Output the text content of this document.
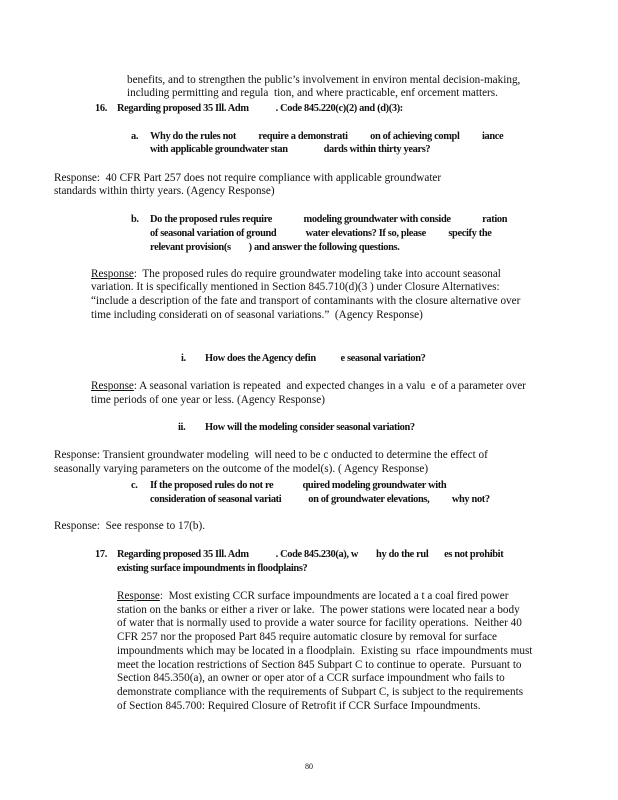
benefits, and to strengthen the public’s involvement in environ mental decision-making,
including permitting and regula  tion, and where practicable, enf orcement matters.
16. Regarding proposed 35 Ill. Adm            . Code 845.220(c)(2) and (d)(3):
a. Why do the rules not          require a demonstrati          on of achieving compl          iance
with applicable groundwater stan                dards within thirty years?
Response:  40 CFR Part 257 does not require compliance with applicable groundwater
standards within thirty years. (Agency Response)
b. Do the proposed rules require              modeling groundwater with conside              ration
of seasonal variation of ground             water elevations? If so, please          specify the
relevant provision(s        ) and answer the following questions.
Response:  The proposed rules do require groundwater modeling take into account seasonal
variation. It is specifically mentioned in Section 845.710(d)(3 ) under Closure Alternatives:
“include a description of the fate and transport of contaminants with the closure alternative over
time including considerati on of seasonal variations.”  (Agency Response)
i. How does the Agency defin           e seasonal variation?
Response: A seasonal variation is repeated  and expected changes in a valu  e of a parameter over
time periods of one year or less. (Agency Response)
ii. How will the modeling consider seasonal variation?
Response: Transient groundwater modeling  will need to be c onducted to determine the effect of
seasonally varying parameters on the outcome of the model(s). ( Agency Response)
c. If the proposed rules do not re             quired modeling groundwater with
consideration of seasonal variati            on of groundwater elevations,          why not?
Response:  See response to 17(b).
17. Regarding proposed 35 Ill. Adm            . Code 845.230(a), w        hy do the rul       es not prohibit
existing surface impoundments in floodplains?
Response:  Most existing CCR surface impoundments are located a t a coal fired power
station on the banks or either a river or lake.  The power stations were located near a body
of water that is normally used to provide a water source for facility operations.  Neither 40
CFR 257 nor the proposed Part 845 require automatic closure by removal for surface
impoundments which may be located in a floodplain.  Existing su  rface impoundments must
meet the location restrictions of Section 845 Subpart C to continue to operate.  Pursuant to
Section 845.350(a), an owner or oper ator of a CCR surface impoundment who fails to
demonstrate compliance with the requirements of Subpart C, is subject to the requirements
of Section 845.700: Required Closure of Retrofit if CCR Surface Impoundments.
80
